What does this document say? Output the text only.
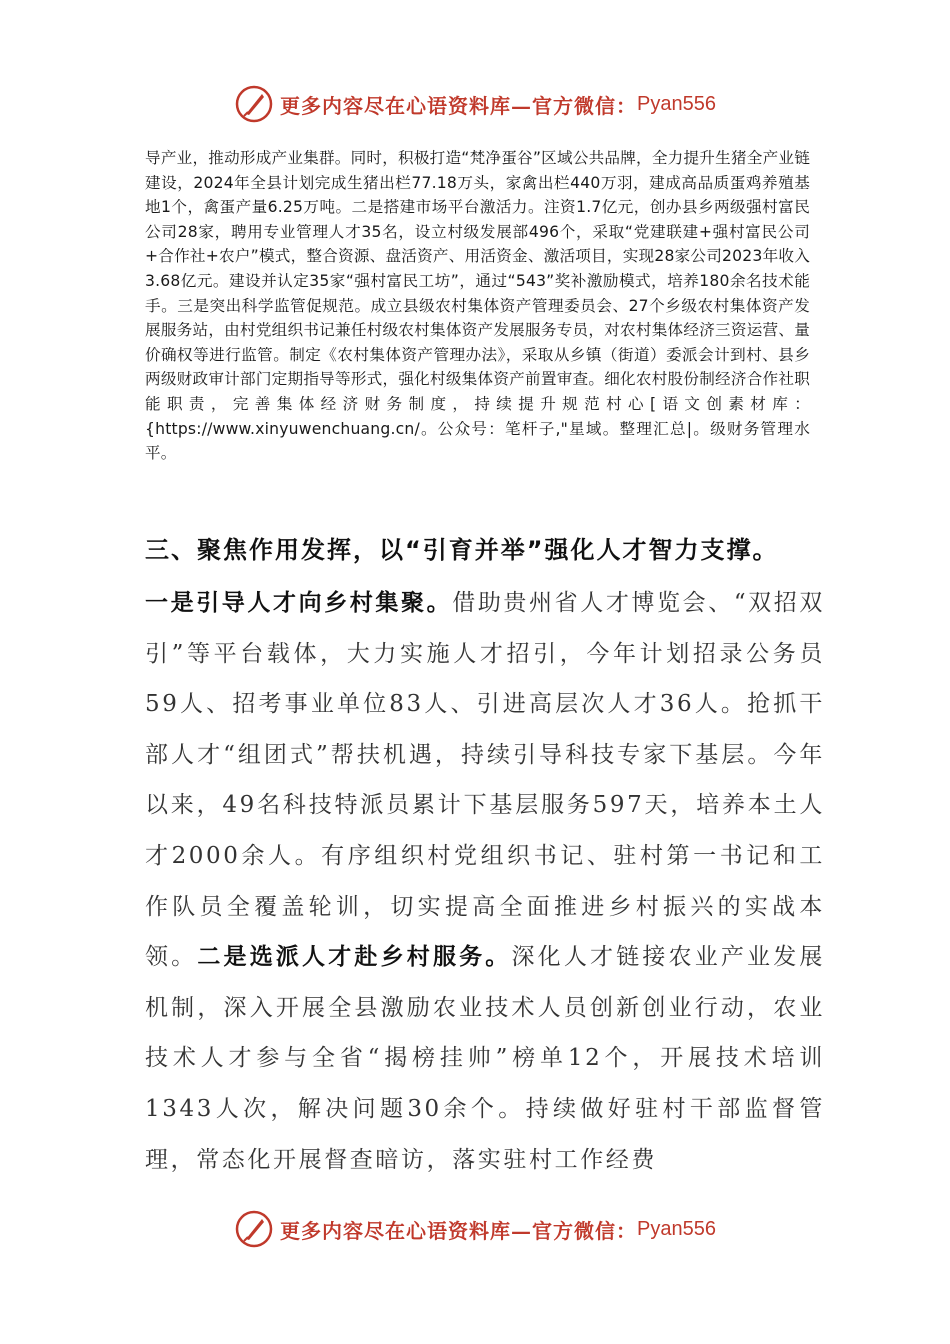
更多内容尽在心语资料库—官方微信： Pyan556

导产业，推动形成产业集群。同时，积极打造“梵净蛋谷”区域公共品牌，全力提升生猪全产业链建设，2024年全县计划完成生猪出栏77.18万头，家禽出栏440万羽，建成高品质蛋鸡养殖基地1个，禽蛋产量6.25万吨。二是搭建市场平台激活力。注资1.7亿元，创办县乡两级强村富民公司28家，聘用专业管理人才35名，设立村级发展部496个，采取“党建联建+强村富民公司+合作社+农户”模式，整合资源、盘活资产、用活资金、激活项目，实现28家公司2023年收入3.68亿元。建设并认定35家“强村富民工坊”，通过“543”奖补激励模式，培养180余名技术能手。三是突出科学监管促规范。成立县级农村集体资产管理委员会、27个乡级农村集体资产发展服务站，由村党组织书记兼任村级农村集体资产发展服务专员，对农村集体经济三资运营、量价确权等进行监管。制定《农村集体资产管理办法》，采取从乡镇（街道）委派会计到村、县乡两级财政审计部门定期指导等形式，强化村级集体资产前置审查。细化农村股份制经济合作社职能职责，完善集体经济财务制度，持续提升规范村心[语文创素材库：{https://www.xinyuwenchuang.cn/。公众号：笔杆子,"星域。整理汇总|。级财务管理水平。

三、聚焦作用发挥，以“引育并举”强化人才智力支撑。

一是引导人才向乡村集聚。借助贵州省人才博览会、“双招双引”等平台载体，大力实施人才招引，今年计划招录公务员59人、招考事业单位83人、引进高层次人才36人。抢抓干部人才“组团式”帮扶机遇，持续引导科技专家下基层。今年以来，49名科技特派员累计下基层服务597天，培养本土人才2000余人。有序组织村党组织书记、驻村第一书记和工作队员全覆盖轮训，切实提高全面推进乡村振兴的实战本领。二是选派人才赴乡村服务。深化人才链接农业产业发展机制，深入开展全县激励农业技术人员创新创业行动，农业技术人才参与全省“揭榜挂帅”榜单12个，开展技术培训1343人次，解决问题30余个。持续做好驻村干部监督管理，常态化开展督查暗访，落实驻村工作经费

更多内容尽在心语资料库—官方微信： Pyan556
